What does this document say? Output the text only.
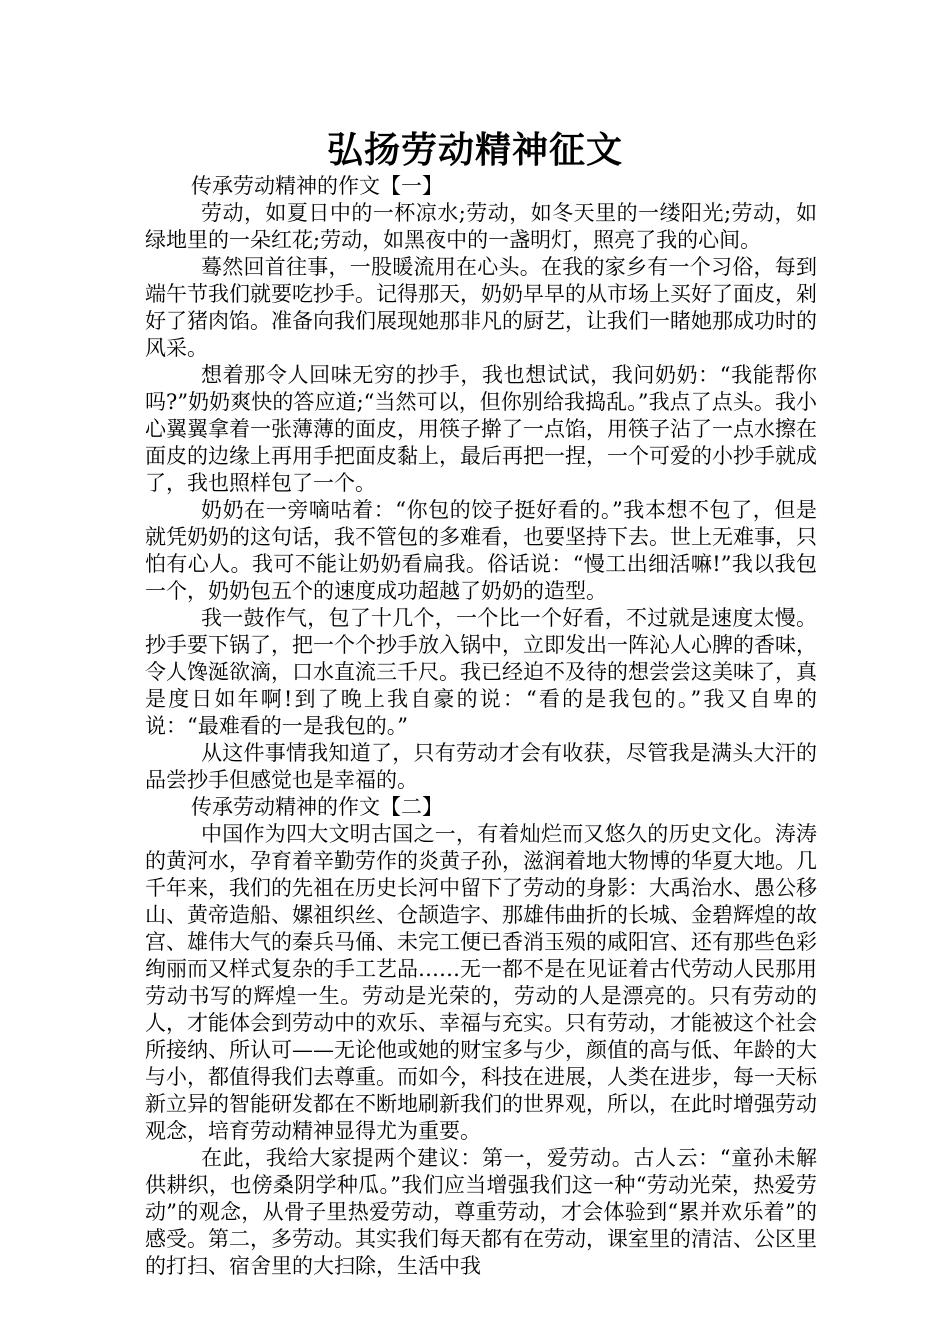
弘扬劳动精神征文

传承劳动精神的作文【一】

劳动，如夏日中的一杯凉水;劳动，如冬天里的一缕阳光;劳动，如绿地里的一朵红花;劳动，如黑夜中的一盏明灯，照亮了我的心间。

蓦然回首往事，一股暖流用在心头。在我的家乡有一个习俗，每到端午节我们就要吃抄手。记得那天，奶奶早早的从市场上买好了面皮，剁好了猪肉馅。准备向我们展现她那非凡的厨艺，让我们一睹她那成功时的风采。

想着那令人回味无穷的抄手，我也想试试，我问奶奶：“我能帮你吗?”奶奶爽快的答应道;“当然可以，但你别给我捣乱。”我点了点头。我小心翼翼拿着一张薄薄的面皮，用筷子擀了一点馅，用筷子沾了一点水擦在面皮的边缘上再用手把面皮黏上，最后再把一捏，一个可爱的小抄手就成了，我也照样包了一个。

奶奶在一旁嘀咕着：“你包的饺子挺好看的。”我本想不包了，但是就凭奶奶的这句话，我不管包的多难看，也要坚持下去。世上无难事，只怕有心人。我可不能让奶奶看扁我。俗话说：“慢工出细活嘛!”我以我包一个，奶奶包五个的速度成功超越了奶奶的造型。

我一鼓作气，包了十几个，一个比一个好看，不过就是速度太慢。抄手要下锅了，把一个个抄手放入锅中，立即发出一阵沁人心脾的香味，令人馋涎欲滴，口水直流三千尺。我已经迫不及待的想尝尝这美味了，真是度日如年啊!到了晚上我自豪的说：“看的是我包的。”我又自卑的说：“最难看的一是我包的。”

从这件事情我知道了，只有劳动才会有收获，尽管我是满头大汗的品尝抄手但感觉也是幸福的。

传承劳动精神的作文【二】

中国作为四大文明古国之一，有着灿烂而又悠久的历史文化。涛涛的黄河水，孕育着辛勤劳作的炎黄子孙，滋润着地大物博的华夏大地。几千年来，我们的先祖在历史长河中留下了劳动的身影：大禹治水、愚公移山、黄帝造船、嫘祖织丝、仓颉造字、那雄伟曲折的长城、金碧辉煌的故宫、雄伟大气的秦兵马俑、未完工便已香消玉殒的咸阳宫、还有那些色彩绚丽而又样式复杂的手工艺品……无一都不是在见证着古代劳动人民那用劳动书写的辉煌一生。劳动是光荣的，劳动的人是漂亮的。只有劳动的人，才能体会到劳动中的欢乐、幸福与充实。只有劳动，才能被这个社会所接纳、所认可——无论他或她的财宝多与少，颜值的高与低、年龄的大与小，都值得我们去尊重。而如今，科技在进展，人类在进步，每一天标新立异的智能研发都在不断地刷新我们的世界观，所以，在此时增强劳动观念，培育劳动精神显得尤为重要。

在此，我给大家提两个建议：第一，爱劳动。古人云：“童孙未解供耕织，也傍桑阴学种瓜。”我们应当增强我们这一种“劳动光荣，热爱劳动”的观念，从骨子里热爱劳动，尊重劳动，才会体验到“累并欢乐着”的感受。第二，多劳动。其实我们每天都有在劳动，课室里的清洁、公区里的打扫、宿舍里的大扫除，生活中我
